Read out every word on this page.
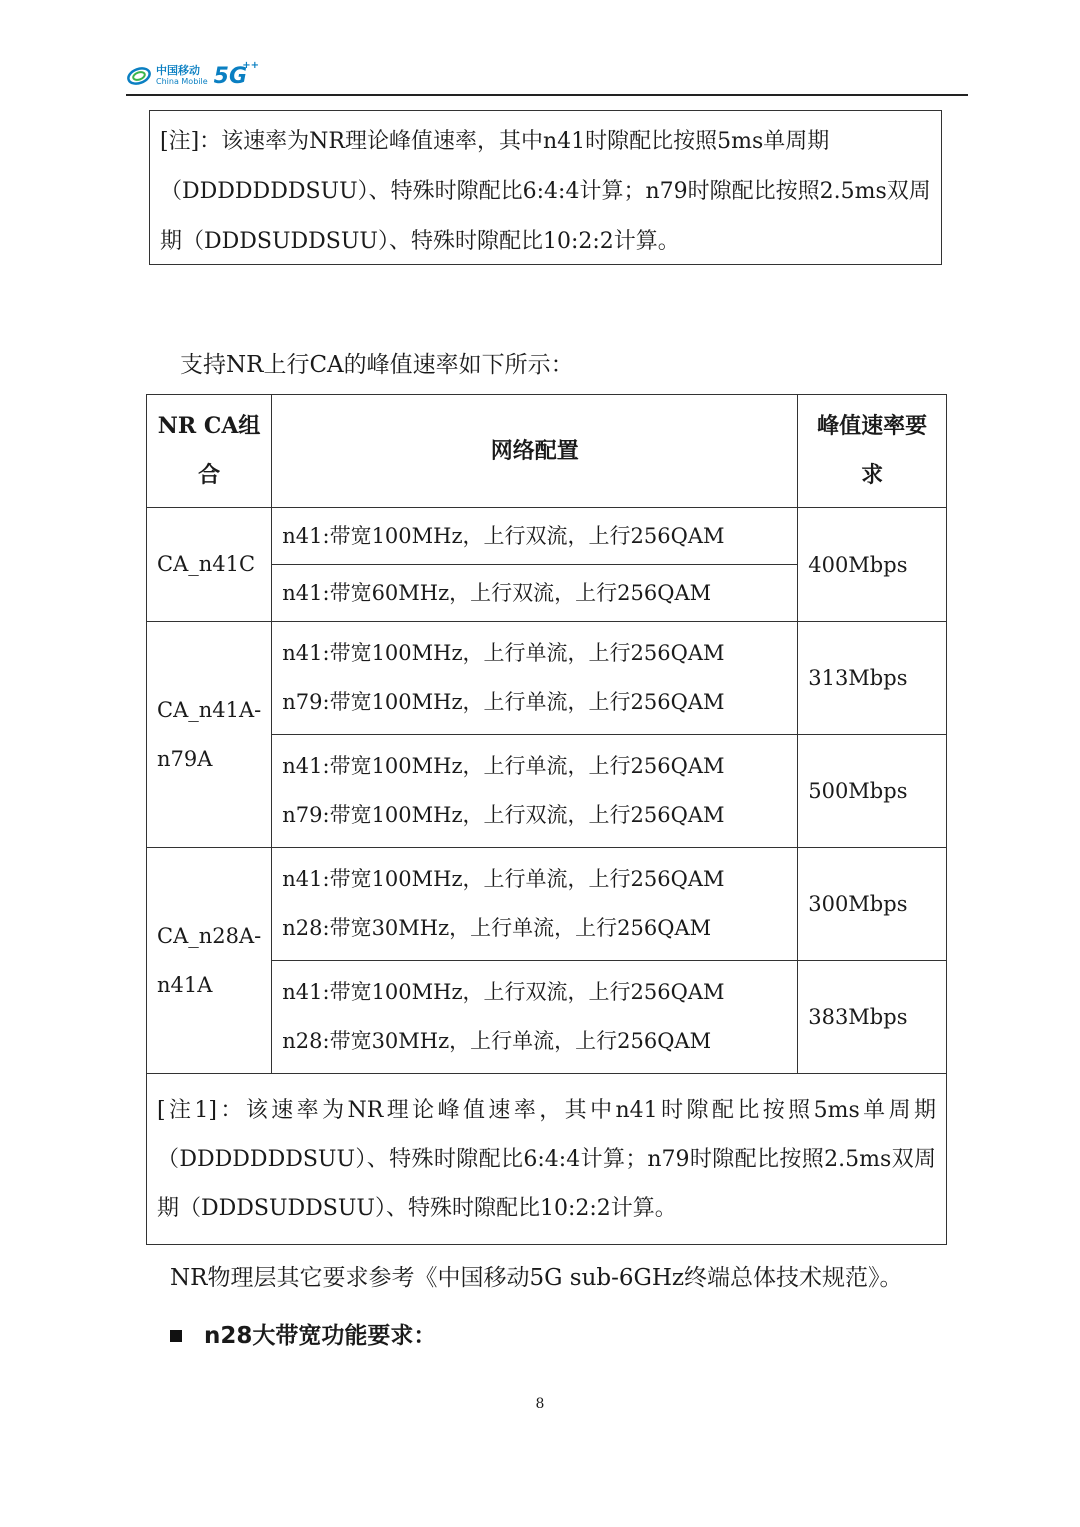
中国移动
China Mobile 5G
++
[注]：该速率为NR理论峰值速率，其中n41时隙配比按照5ms单周期（DDDDDDDSUU）、特殊时隙配比6:4:4计算；n79时隙配比按照2.5ms双周期（DDDSUDDSUU）、特殊时隙配比10:2:2计算。
支持NR上行CA的峰值速率如下所示：
NR CA组合	网络配置	峰值速率要求
CA_n41C	n41:带宽100MHz，上行双流，上行256QAM	400Mbps

	n41:带宽60MHz，上行双流，上行256QAM	

CA_n41A-n79A	n41:带宽100MHz，上行单流，上行256QAM
n79:带宽100MHz，上行单流，上行256QAM	313Mbps

	n41:带宽100MHz，上行单流，上行256QAM
n79:带宽100MHz，上行双流，上行256QAM	500Mbps
CA_n28A-n41A	n41:带宽100MHz，上行单流，上行256QAM
n28:带宽30MHz，上行单流，上行256QAM	300Mbps

	n41:带宽100MHz，上行双流，上行256QAM
n28:带宽30MHz，上行单流，上行256QAM	383Mbps
[注1]：该速率为NR理论峰值速率，其中n41时隙配比按照5ms单周期（DDDDDDDSUU）、特殊时隙配比6:4:4计算；n79时隙配比按照2.5ms双周期（DDDSUDDSUU）、特殊时隙配比10:2:2计算。		
NR物理层其它要求参考《中国移动5G sub-6GHz终端总体技术规范》。
n28大带宽功能要求：
8
